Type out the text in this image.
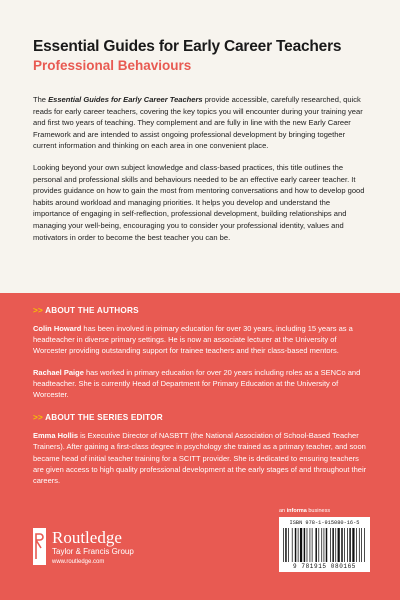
Essential Guides for Early Career Teachers
Professional Behaviours

The Essential Guides for Early Career Teachers provide accessible, carefully researched, quick reads for early career teachers, covering the key topics you will encounter during your training year and first two years of teaching. They complement and are fully in line with the new Early Career Framework and are intended to assist ongoing professional development by bringing together current information and thinking on each area in one convenient place.

Looking beyond your own subject knowledge and class-based practices, this title outlines the personal and professional skills and behaviours needed to be an effective early career teacher. It provides guidance on how to gain the most from mentoring conversations and how to develop good habits around workload and managing priorities. It helps you develop and understand the importance of engaging in self-reflection, professional development, building relationships and managing your well-being, encouraging you to consider your professional identity, values and motivators in order to become the best teacher you can be.

>> ABOUT THE AUTHORS

Colin Howard has been involved in primary education for over 30 years, including 15 years as a headteacher in diverse primary settings. He is now an associate lecturer at the University of Worcester providing outstanding support for trainee teachers and their class-based mentors.

Rachael Paige has worked in primary education for over 20 years including roles as a SENCo and headteacher. She is currently Head of Department for Primary Education at the University of Worcester.

>> ABOUT THE SERIES EDITOR

Emma Hollis is Executive Director of NASBTT (the National Association of School-Based Teacher Trainers). After gaining a first-class degree in psychology she trained as a primary teacher, and soon became head of initial teacher training for a SCITT provider. She is dedicated to ensuring teachers are given access to high quality professional development at the early stages of and throughout their careers.

Routledge
Taylor & Francis Group
www.routledge.com
an informa business
ISBN 978-1-915080-16-5
9 781915 080165
